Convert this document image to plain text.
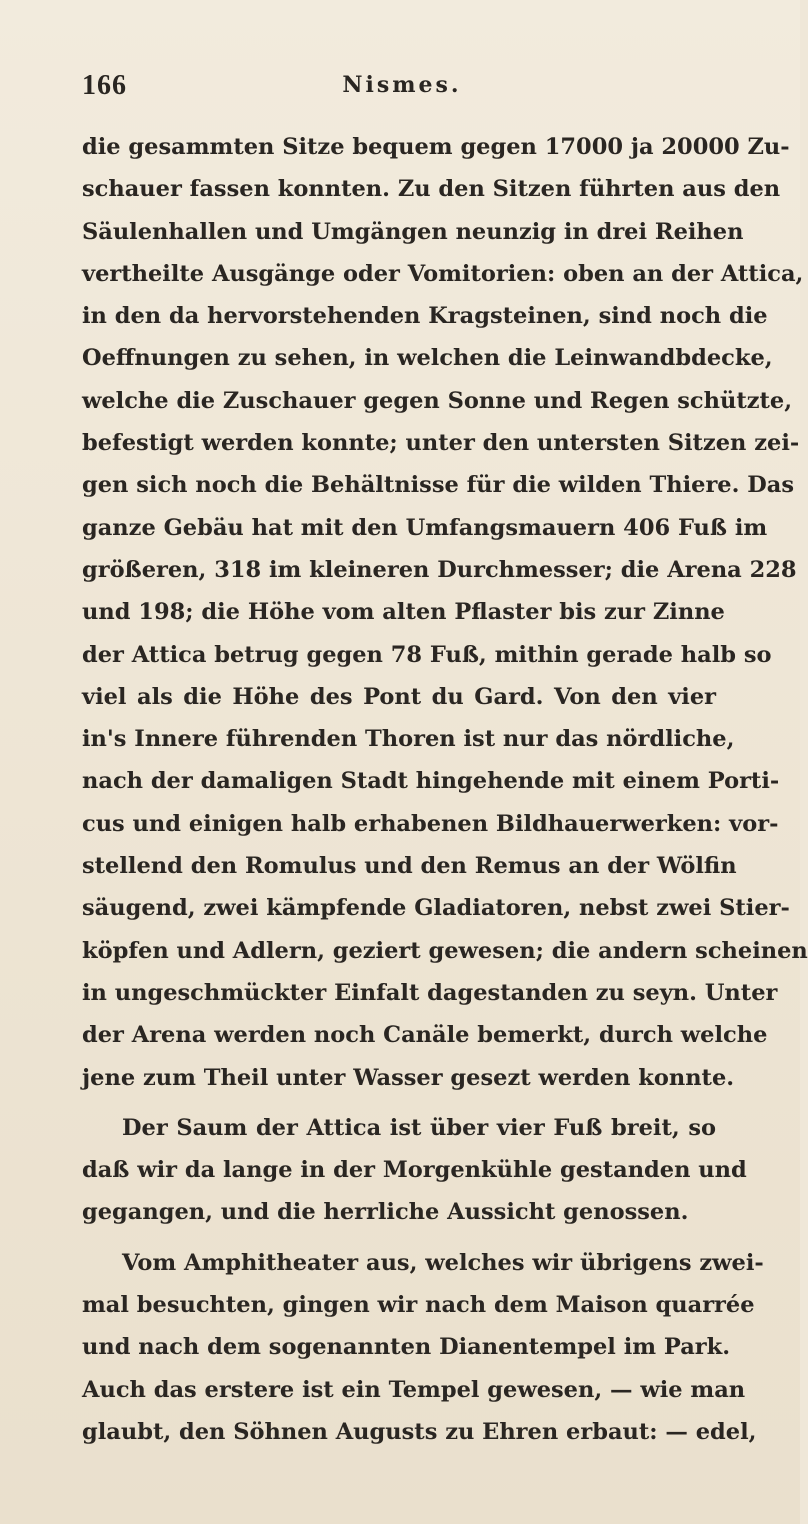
166	Nismes.
die gesammten Sitze bequem gegen 17000 ja 20000 Zu-
schauer fassen konnten. Zu den Sitzen führten aus den
Säulenhallen und Umgängen neunzig in drei Reihen
vertheilte Ausgänge oder Vomitorien: oben an der Attica,
in den da hervorstehenden Kragsteinen, sind noch die
Oeffnungen zu sehen, in welchen die Leinwandbdecke,
welche die Zuschauer gegen Sonne und Regen schützte,
befestigt werden konnte; unter den untersten Sitzen zei-
gen sich noch die Behältnisse für die wilden Thiere. Das
ganze Gebäu hat mit den Umfangsmauern 406 Fuß im
größeren, 318 im kleineren Durchmesser; die Arena 228
und 198; die Höhe vom alten Pflaster bis zur Zinne
der Attica betrug gegen 78 Fuß, mithin gerade halb so
viel als die Höhe des Pont du Gard. Von den vier
in's Innere führenden Thoren ist nur das nördliche,
nach der damaligen Stadt hingehende mit einem Porti-
cus und einigen halb erhabenen Bildhauerwerken: vor-
stellend den Romulus und den Remus an der Wölfin
säugend, zwei kämpfende Gladiatoren, nebst zwei Stier-
köpfen und Adlern, geziert gewesen; die andern scheinen
in ungeschmückter Einfalt dagestanden zu seyn. Unter
der Arena werden noch Canäle bemerkt, durch welche
jene zum Theil unter Wasser gesezt werden konnte.
Der Saum der Attica ist über vier Fuß breit, so
daß wir da lange in der Morgenkühle gestanden und
gegangen, und die herrliche Aussicht genossen.
Vom Amphitheater aus, welches wir übrigens zwei-
mal besuchten, gingen wir nach dem Maison quarrée
und nach dem sogenannten Dianentempel im Park.
Auch das erstere ist ein Tempel gewesen, — wie man
glaubt, den Söhnen Augusts zu Ehren erbaut: — edel,
